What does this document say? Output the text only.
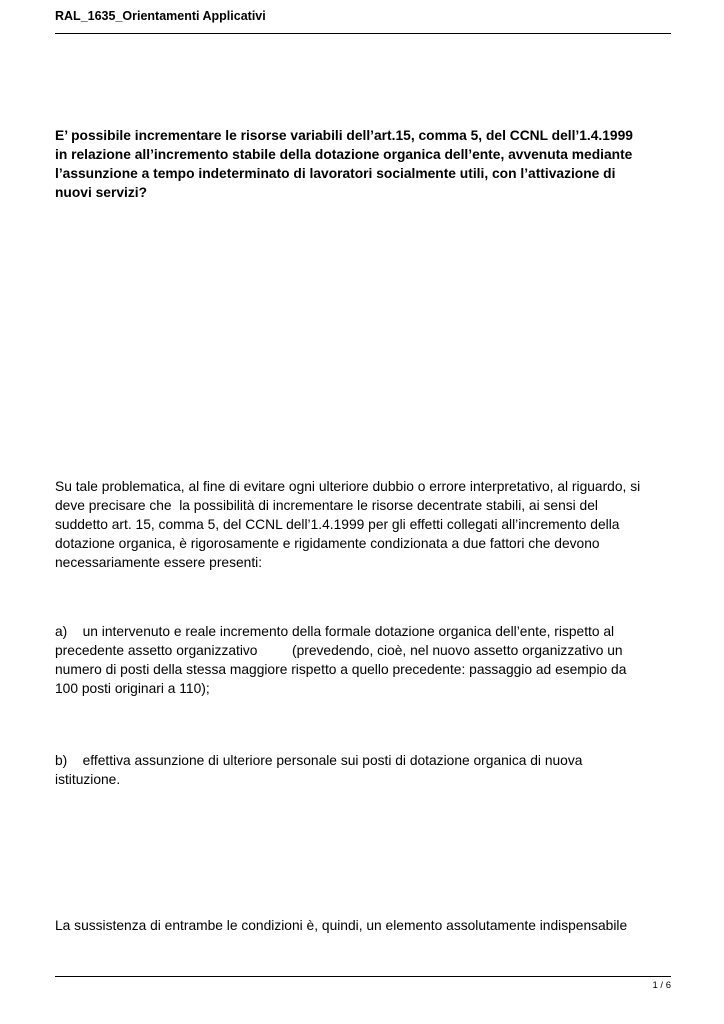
RAL_1635_Orientamenti Applicativi
E’ possibile incrementare le risorse variabili dell’art.15, comma 5, del CCNL dell’1.4.1999
in relazione all’incremento stabile della dotazione organica dell’ente, avvenuta mediante
l’assunzione a tempo indeterminato di lavoratori socialmente utili, con l’attivazione di
nuovi servizi?
Su tale problematica, al fine di evitare ogni ulteriore dubbio o errore interpretativo, al riguardo, si
deve precisare che  la possibilità di incrementare le risorse decentrate stabili, ai sensi del
suddetto art. 15, comma 5, del CCNL dell’1.4.1999 per gli effetti collegati all’incremento della
dotazione organica, è rigorosamente e rigidamente condizionata a due fattori che devono
necessariamente essere presenti:
a)    un intervenuto e reale incremento della formale dotazione organica dell’ente, rispetto al
precedente assetto organizzativo         (prevedendo, cioè, nel nuovo assetto organizzativo un
numero di posti della stessa maggiore rispetto a quello precedente: passaggio ad esempio da
100 posti originari a 110);
b)    effettiva assunzione di ulteriore personale sui posti di dotazione organica di nuova
istituzione.
La sussistenza di entrambe le condizioni è, quindi, un elemento assolutamente indispensabile
1 / 6
